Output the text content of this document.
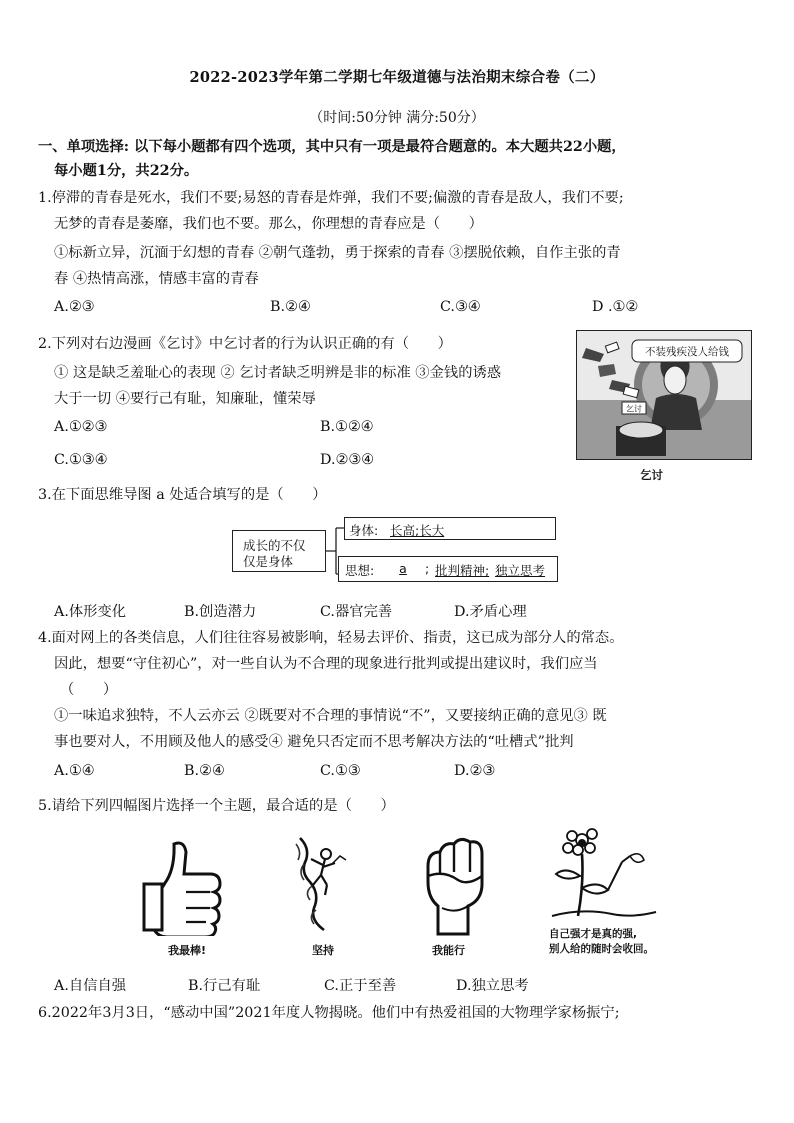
2022-2023学年第二学期七年级道德与法治期末综合卷（二）
（时间:50分钟 满分:50分）
一、单项选择: 以下每小题都有四个选项，其中只有一项是最符合题意的。本大题共22小题，
每小题1分，共22分。
1.停滞的青春是死水，我们不要;易怒的青春是炸弹，我们不要;偏激的青春是敌人，我们不要;
无梦的青春是萎靡，我们也不要。那么，你理想的青春应是（　　）
①标新立异，沉湎于幻想的青春 ②朝气蓬勃，勇于探索的青春 ③摆脱依赖，自作主张的青
春 ④热情高涨，情感丰富的青春
A.②③	B.②④	C.③④	D .①②
2.下列对右边漫画《乞讨》中乞讨者的行为认识正确的有（　　）
① 这是缺乏羞耻心的表现 ② 乞讨者缺乏明辨是非的标准 ③金钱的诱惑
大于一切 ④要行己有耻，知廉耻，懂荣辱
A.①②③	B.①②④
C.①③④	D.②③④
不装残疾没人给钱
乞讨
乞讨
3.在下面思维导图 a 处适合填写的是（　　）
成长的不仅
仅是身体
身体: 长高;长大
思想:	a	; 批判精神; 独立思考
A.体形变化	B.创造潜力	C.器官完善	D.矛盾心理
4.面对网上的各类信息，人们往往容易被影响，轻易去评价、指责，这已成为部分人的常态。
因此，想要“守住初心”，对一些自认为不合理的现象进行批判或提出建议时，我们应当
（　　）
①一味追求独特，不人云亦云 ②既要对不合理的事情说“不”，又要接纳正确的意见③ 既
事也要对人，不用顾及他人的感受④ 避免只否定而不思考解决方法的“吐槽式”批判
A.①④	B.②④	C.①③	D.②③
5.请给下列四幅图片选择一个主题，最合适的是（　　）
我最棒!	坚持	我能行
自己强才是真的强,
别人给的随时会收回。
A.自信自强	B.行己有耻	C.正于至善	D.独立思考
6.2022年3月3日，“感动中国”2021年度人物揭晓。他们中有热爱祖国的大物理学家杨振宁;
